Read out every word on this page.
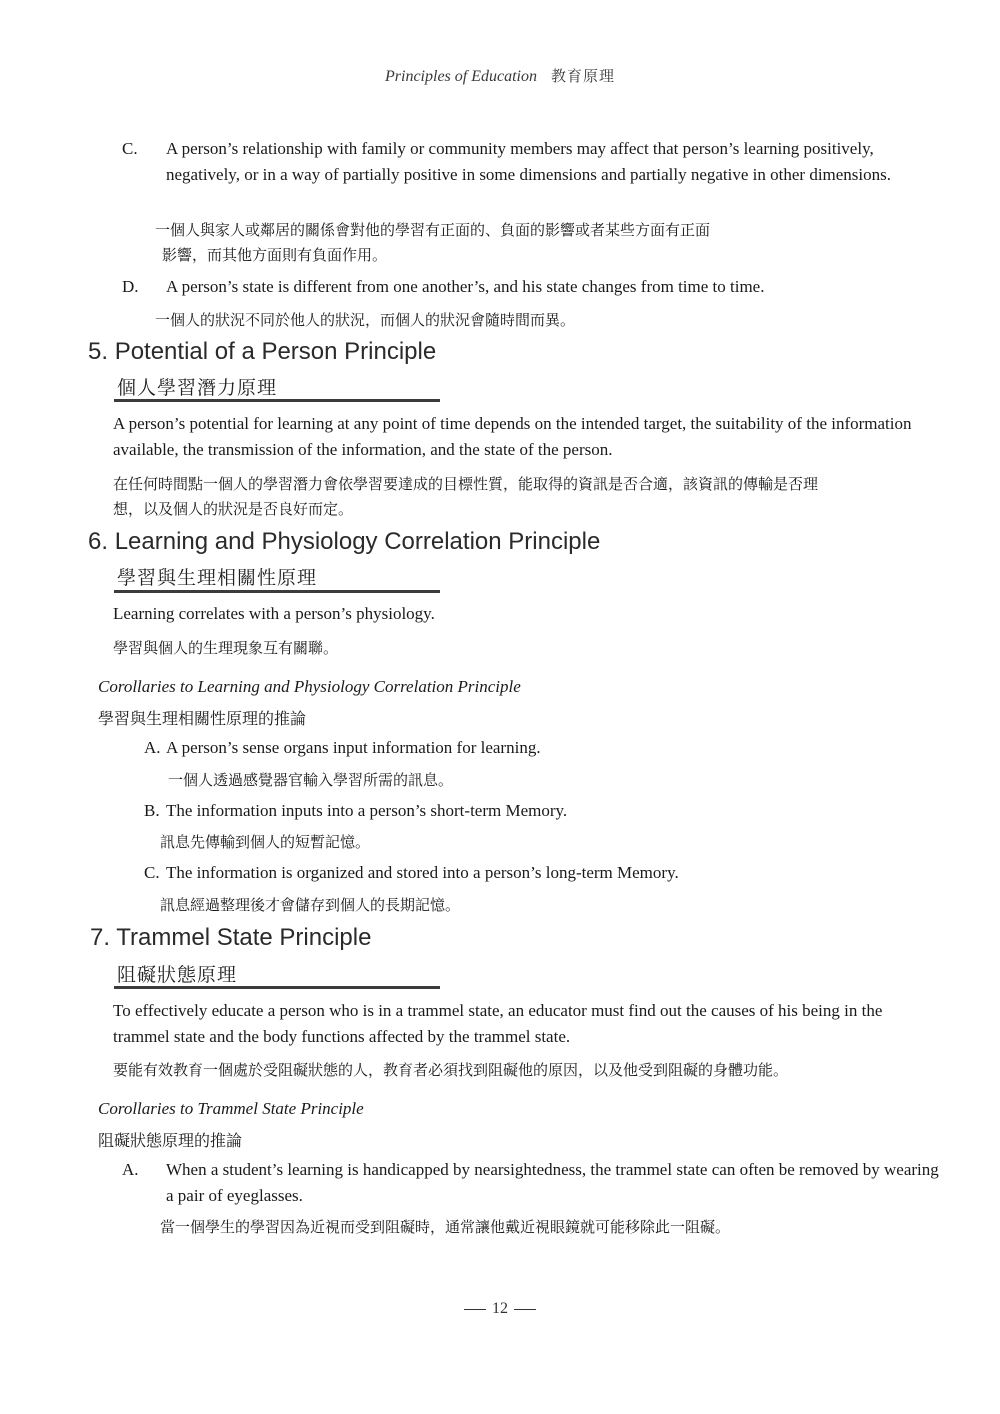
Principles of Education 教育原理
C. A person’s relationship with family or community members may affect that person’s learning positively, negatively, or in a way of partially positive in some dimensions and partially negative in other dimensions.
一個人與家人或鄰居的關係會對他的學習有正面的、負面的影響或者某些方面有正面
影響，而其他方面則有負面作用。
D. A person’s state is different from one another’s, and his state changes from time to time.
一個人的狀況不同於他人的狀況，而個人的狀況會隨時間而異。
5. Potential of a Person Principle
個人學習潛力原理
A person’s potential for learning at any point of time depends on the intended target, the suitability of the information available, the transmission of the information, and the state of the person.
在任何時間點一個人的學習潛力會依學習要達成的目標性質，能取得的資訊是否合適，該資訊的傳輸是否理
想，以及個人的狀況是否良好而定。
6. Learning and Physiology Correlation Principle
學習與生理相關性原理
Learning correlates with a person’s physiology.
學習與個人的生理現象互有關聯。
Corollaries to Learning and Physiology Correlation Principle
學習與生理相關性原理的推論
A. A person’s sense organs input information for learning.
一個人透過感覺器官輸入學習所需的訊息。
B. The information inputs into a person’s short-term Memory.
訊息先傳輸到個人的短暫記憶。
C. The information is organized and stored into a person’s long-term Memory.
訊息經過整理後才會儲存到個人的長期記憶。
7. Trammel State Principle
阻礙狀態原理
To effectively educate a person who is in a trammel state, an educator must find out the causes of his being in the trammel state and the body functions affected by the trammel state.
要能有效教育一個處於受阻礙狀態的人，教育者必須找到阻礙他的原因，以及他受到阻礙的身體功能。
Corollaries to Trammel State Principle
阻礙狀態原理的推論
A. When a student’s learning is handicapped by nearsightedness, the trammel state can often be removed by wearing a pair of eyeglasses.
當一個學生的學習因為近視而受到阻礙時，通常讓他戴近視眼鏡就可能移除此一阻礙。
12
